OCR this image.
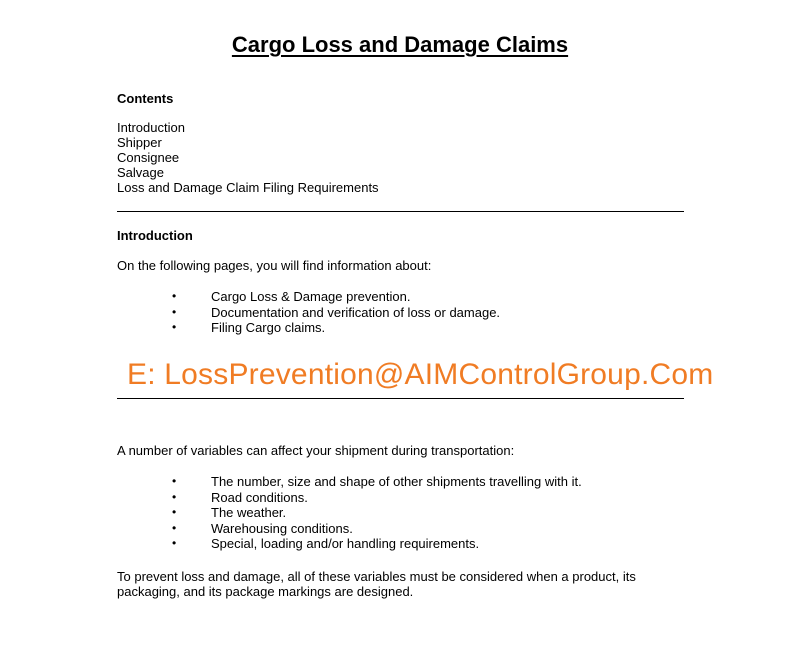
Cargo Loss and Damage Claims
Contents
Introduction
Shipper
Consignee
Salvage
Loss and Damage Claim Filing Requirements
Introduction
On the following pages, you will find information about:
•	Cargo Loss & Damage prevention.
•	Documentation and verification of loss or damage.
•	Filing Cargo claims.
E: LossPrevention@AIMControlGroup.Com
A number of variables can affect your shipment during transportation:
•	The number, size and shape of other shipments travelling with it.
•	Road conditions.
•	The weather.
•	Warehousing conditions.
•	Special, loading and/or handling requirements.
To prevent loss and damage, all of these variables must be considered when a product, its
packaging, and its package markings are designed.
